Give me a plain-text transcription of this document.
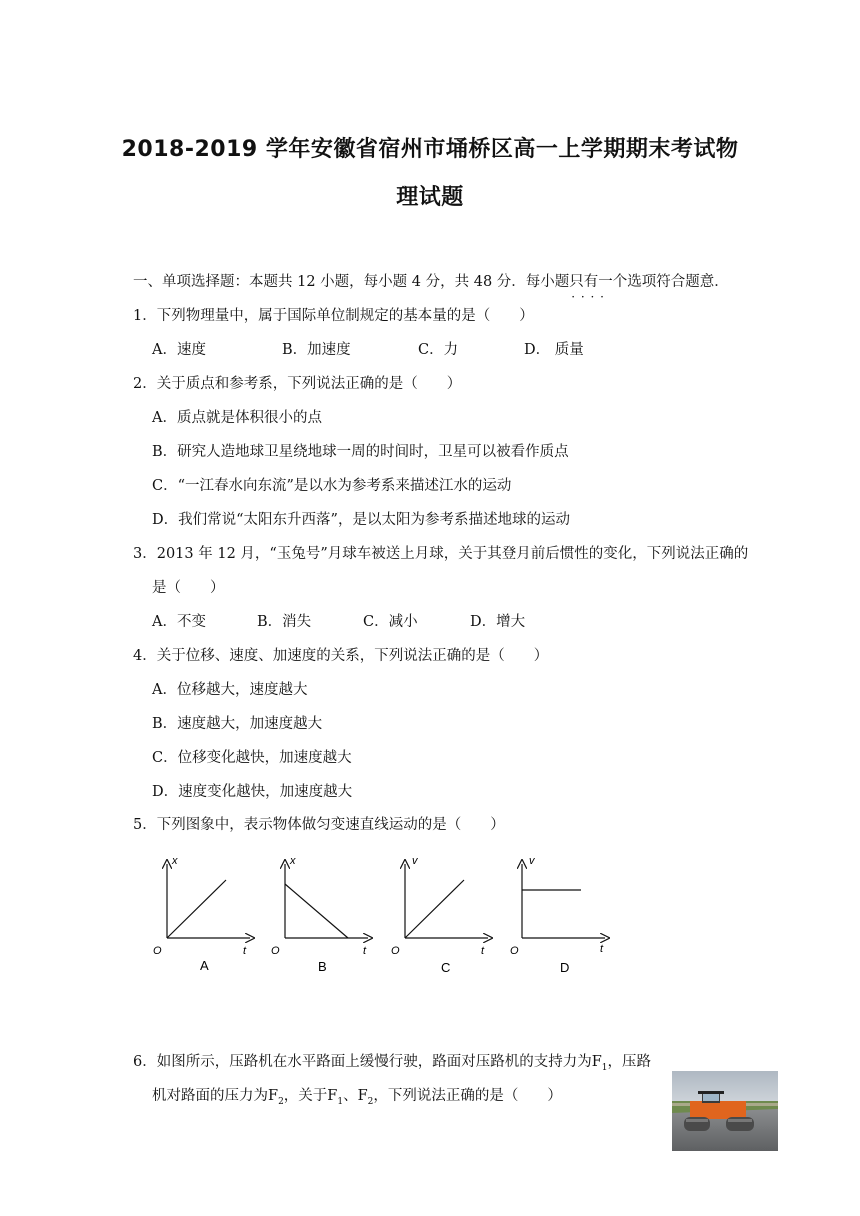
2018-2019 学年安徽省宿州市埇桥区高一上学期期末考试物
理试题
一、单项选择题：本题共 12 小题，每小题 4 分，共 48 分．每小题只有一个 · · · ·选项符合题意．
1．下列物理量中，属于国际单位制规定的基本量的是（　　）
A．速度	B．加速度	C．力	D． 质量
2．关于质点和参考系，下列说法正确的是（　　）
A．质点就是体积很小的点
B．研究人造地球卫星绕地球一周的时间时，卫星可以被看作质点
C．“一江春水向东流”是以水为参考系来描述江水的运动
D．我们常说“太阳东升西落”，是以太阳为参考系描述地球的运动
3．2013 年 12 月，“玉兔号”月球车被送上月球，关于其登月前后惯性的变化，下列说法正确的
是（　　）
A．不变	B．消失	C．减小	D．增大
4．关于位移、速度、加速度的关系，下列说法正确的是（　　）
A．位移越大，速度越大
B．速度越大，加速度越大
C．位移变化越快，加速度越大
D．速度变化越快，加速度越大
5．下列图象中，表示物体做匀变速直线运动的是（　　）
x
O	t
A
x
O	t
B
v
O	t
C
v
O	t
D
6．如图所示，压路机在水平路面上缓慢行驶，路面对压路机的支持力为$F_1$，压路
机对路面的压力为$F_2$，关于$F_1$、$F_2$，下列说法正确的是（　　）
